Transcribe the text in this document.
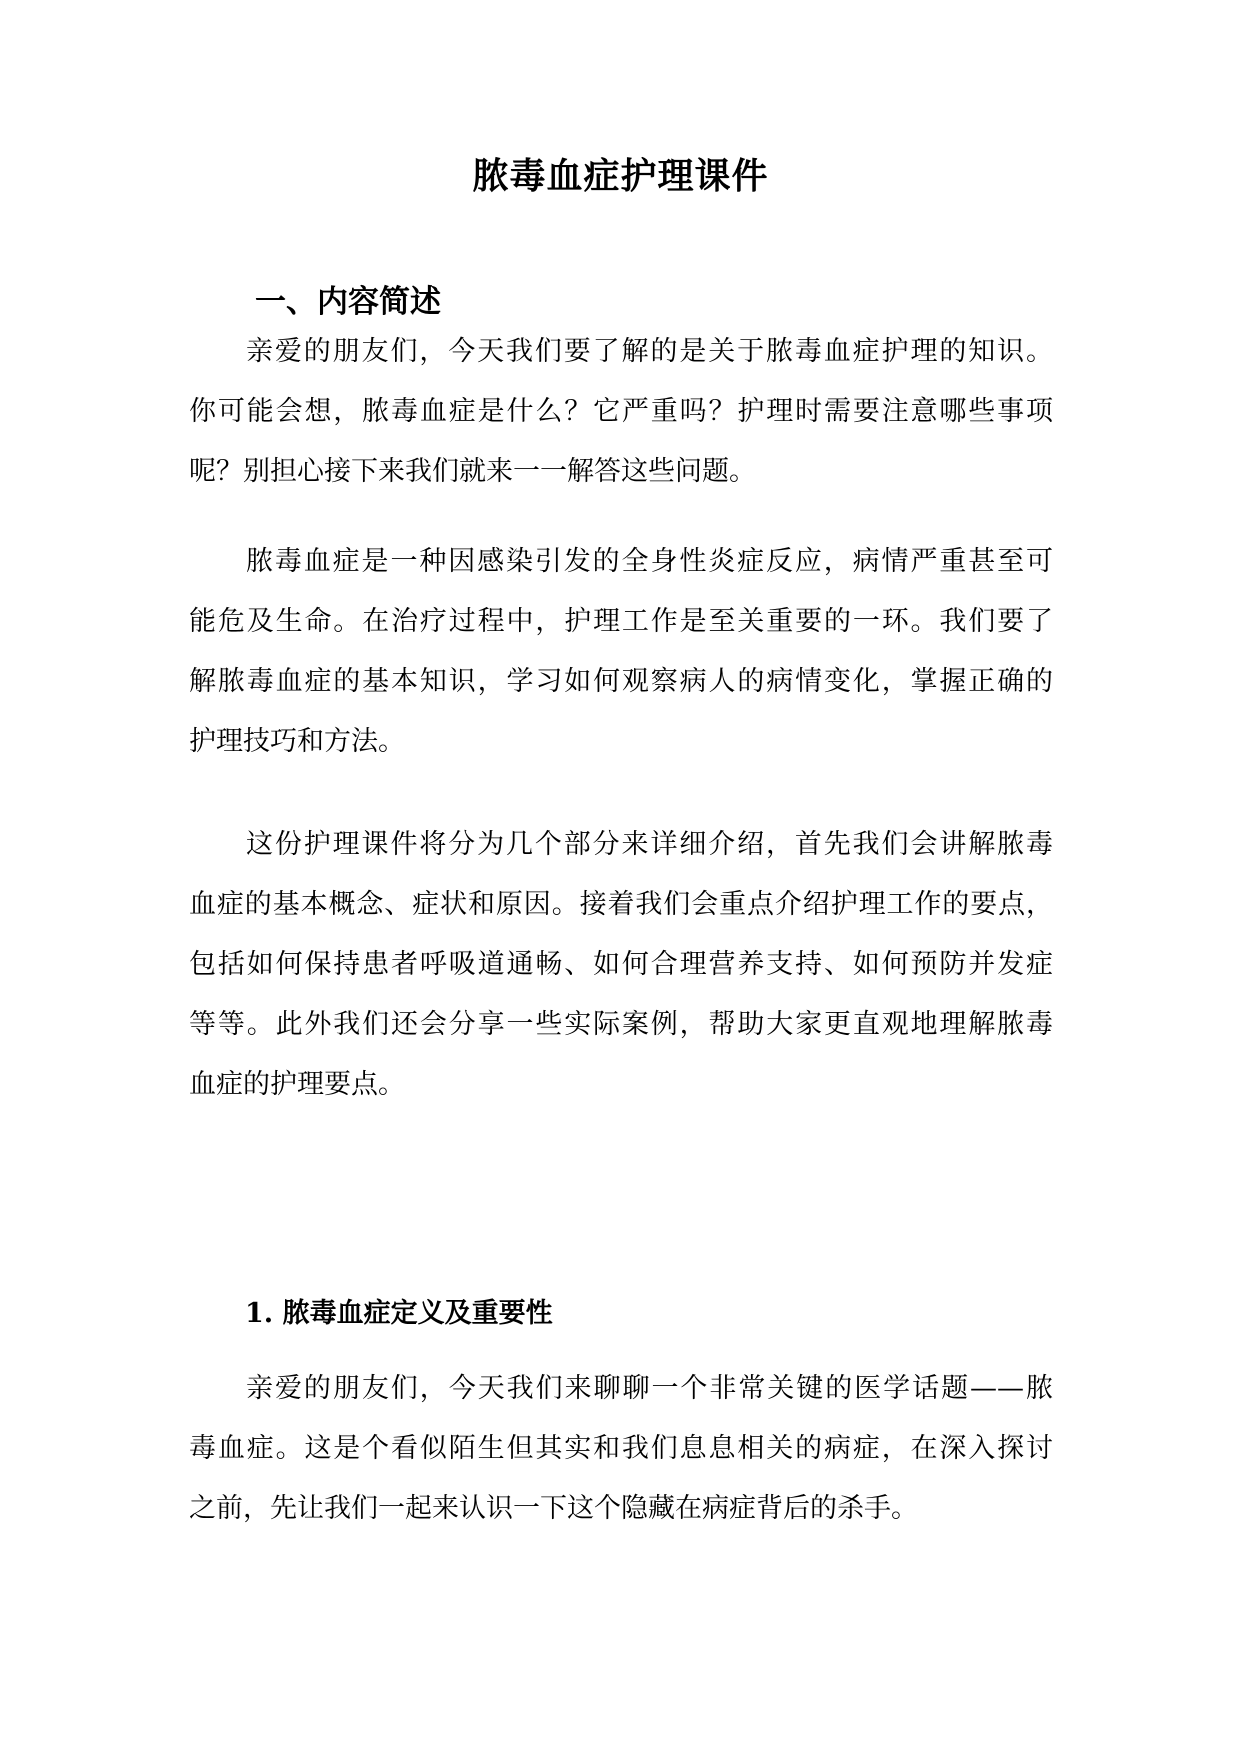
脓毒血症护理课件
一、内容简述
亲爱的朋友们，今天我们要了解的是关于脓毒血症护理的知识。
你可能会想，脓毒血症是什么？它严重吗？护理时需要注意哪些事项
呢？别担心接下来我们就来一一解答这些问题。
脓毒血症是一种因感染引发的全身性炎症反应，病情严重甚至可
能危及生命。在治疗过程中，护理工作是至关重要的一环。我们要了
解脓毒血症的基本知识，学习如何观察病人的病情变化，掌握正确的
护理技巧和方法。
这份护理课件将分为几个部分来详细介绍，首先我们会讲解脓毒
血症的基本概念、症状和原因。接着我们会重点介绍护理工作的要点，
包括如何保持患者呼吸道通畅、如何合理营养支持、如何预防并发症
等等。此外我们还会分享一些实际案例，帮助大家更直观地理解脓毒
血症的护理要点。
1. 脓毒血症定义及重要性
亲爱的朋友们，今天我们来聊聊一个非常关键的医学话题——脓
毒血症。这是个看似陌生但其实和我们息息相关的病症，在深入探讨
之前，先让我们一起来认识一下这个隐藏在病症背后的杀手。
